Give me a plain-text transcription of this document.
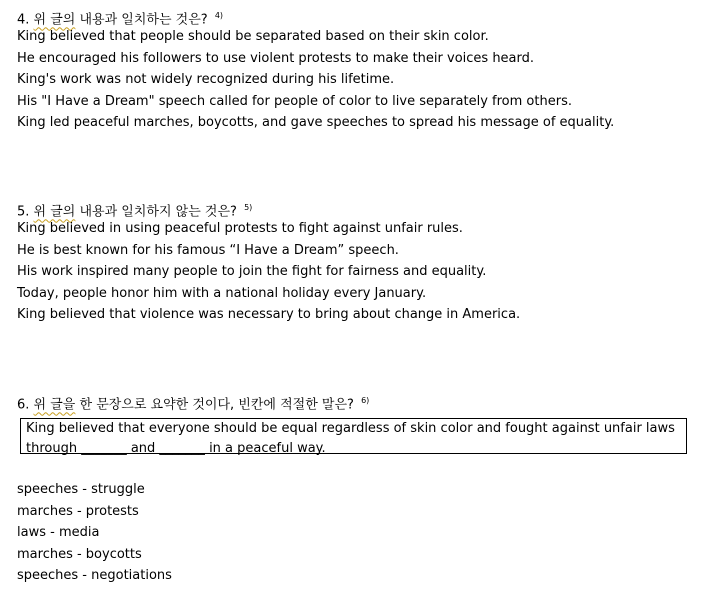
4. 위 글의 내용과 일치하는 것은? $^{4)}$
King believed that people should be separated based on their skin color.
He encouraged his followers to use violent protests to make their voices heard.
King's work was not widely recognized during his lifetime.
His "I Have a Dream" speech called for people of color to live separately from others.
King led peaceful marches, boycotts, and gave speeches to spread his message of equality.
5. 위 글의 내용과 일치하지 않는 것은? $^{5)}$
King believed in using peaceful protests to fight against unfair rules.
He is best known for his famous “I Have a Dream” speech.
His work inspired many people to join the fight for fairness and equality.
Today, people honor him with a national holiday every January.
King believed that violence was necessary to bring about change in America.
6. 위 글을 한 문장으로 요약한 것이다, 빈칸에 적절한 말은? $^{6)}$
King believed that everyone should be equal regardless of skin color and fought against unfair laws
through _______ and _______ in a peaceful way.
speeches - struggle
marches - protests
laws - media
marches - boycotts
speeches - negotiations
